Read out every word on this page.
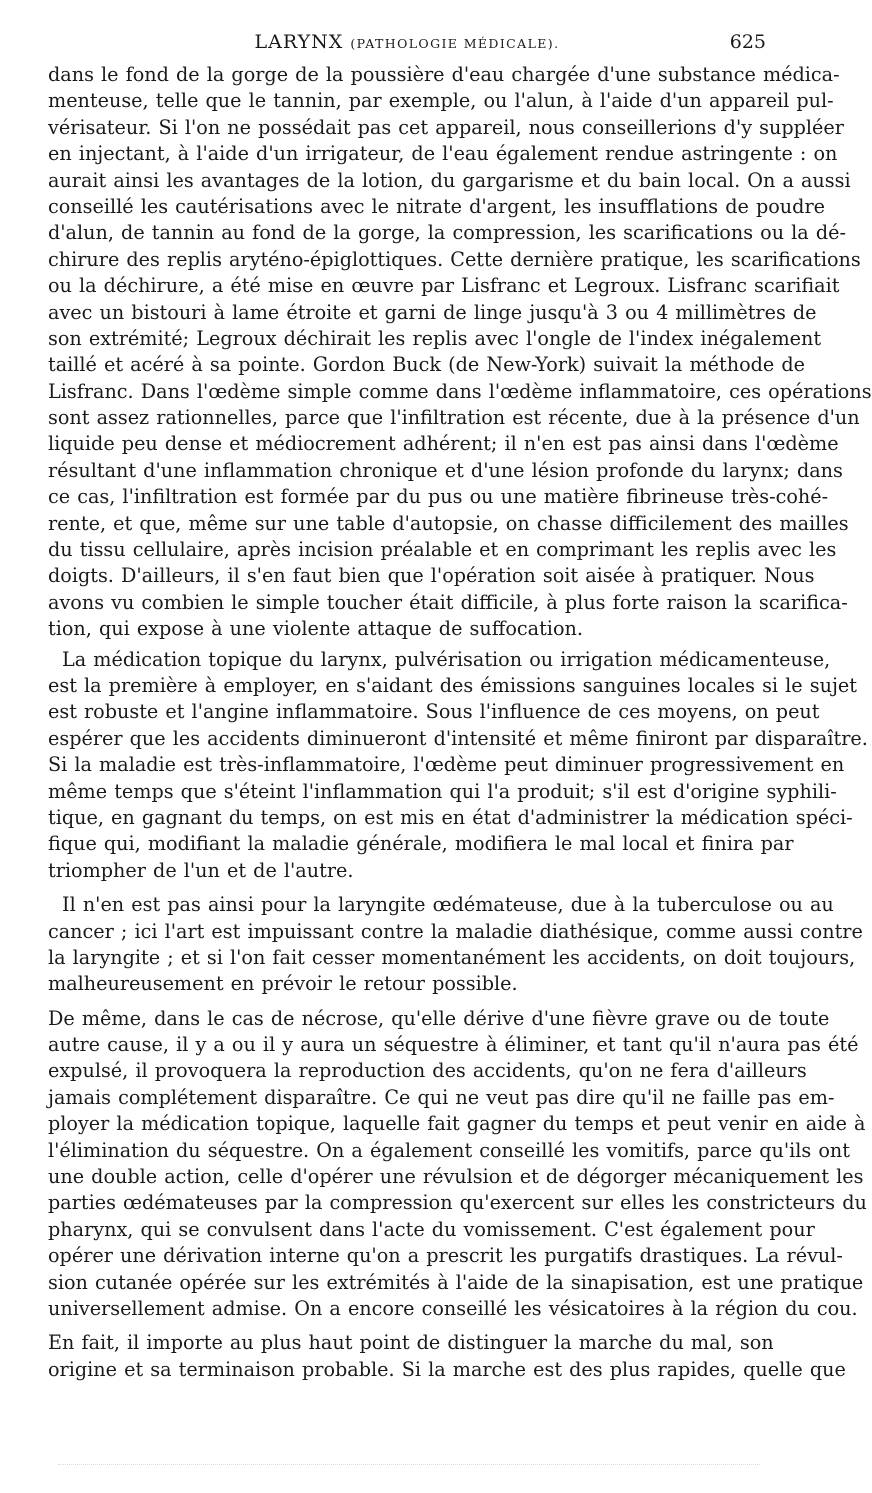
LARYNX (PATHOLOGIE MÉDICALE).	625
dans le fond de la gorge de la poussière d'eau chargée d'une substance médica-
menteuse, telle que le tannin, par exemple, ou l'alun, à l'aide d'un appareil pul-
vérisateur. Si l'on ne possédait pas cet appareil, nous conseillerions d'y suppléer
en injectant, à l'aide d'un irrigateur, de l'eau également rendue astringente : on
aurait ainsi les avantages de la lotion, du gargarisme et du bain local. On a aussi
conseillé les cautérisations avec le nitrate d'argent, les insufflations de poudre
d'alun, de tannin au fond de la gorge, la compression, les scarifications ou la dé-
chirure des replis aryténo-épiglottiques. Cette dernière pratique, les scarifications
ou la déchirure, a été mise en œuvre par Lisfranc et Legroux. Lisfranc scarifiait
avec un bistouri à lame étroite et garni de linge jusqu'à 3 ou 4 millimètres de
son extrémité; Legroux déchirait les replis avec l'ongle de l'index inégalement
taillé et acéré à sa pointe. Gordon Buck (de New-York) suivait la méthode de
Lisfranc. Dans l'œdème simple comme dans l'œdème inflammatoire, ces opérations
sont assez rationnelles, parce que l'infiltration est récente, due à la présence d'un
liquide peu dense et médiocrement adhérent; il n'en est pas ainsi dans l'œdème
résultant d'une inflammation chronique et d'une lésion profonde du larynx; dans
ce cas, l'infiltration est formée par du pus ou une matière fibrineuse très-cohé-
rente, et que, même sur une table d'autopsie, on chasse difficilement des mailles
du tissu cellulaire, après incision préalable et en comprimant les replis avec les
doigts. D'ailleurs, il s'en faut bien que l'opération soit aisée à pratiquer. Nous
avons vu combien le simple toucher était difficile, à plus forte raison la scarifica-
tion, qui expose à une violente attaque de suffocation.
La médication topique du larynx, pulvérisation ou irrigation médicamenteuse,
est la première à employer, en s'aidant des émissions sanguines locales si le sujet
est robuste et l'angine inflammatoire. Sous l'influence de ces moyens, on peut
espérer que les accidents diminueront d'intensité et même finiront par disparaître.
Si la maladie est très-inflammatoire, l'œdème peut diminuer progressivement en
même temps que s'éteint l'inflammation qui l'a produit; s'il est d'origine syphili-
tique, en gagnant du temps, on est mis en état d'administrer la médication spéci-
fique qui, modifiant la maladie générale, modifiera le mal local et finira par
triompher de l'un et de l'autre.
Il n'en est pas ainsi pour la laryngite œdémateuse, due à la tuberculose ou au
cancer ; ici l'art est impuissant contre la maladie diathésique, comme aussi contre
la laryngite ; et si l'on fait cesser momentanément les accidents, on doit toujours,
malheureusement en prévoir le retour possible.
De même, dans le cas de nécrose, qu'elle dérive d'une fièvre grave ou de toute
autre cause, il y a ou il y aura un séquestre à éliminer, et tant qu'il n'aura pas été
expulsé, il provoquera la reproduction des accidents, qu'on ne fera d'ailleurs
jamais complétement disparaître. Ce qui ne veut pas dire qu'il ne faille pas em-
ployer la médication topique, laquelle fait gagner du temps et peut venir en aide à
l'élimination du séquestre. On a également conseillé les vomitifs, parce qu'ils ont
une double action, celle d'opérer une révulsion et de dégorger mécaniquement les
parties œdémateuses par la compression qu'exercent sur elles les constricteurs du
pharynx, qui se convulsent dans l'acte du vomissement. C'est également pour
opérer une dérivation interne qu'on a prescrit les purgatifs drastiques. La révul-
sion cutanée opérée sur les extrémités à l'aide de la sinapisation, est une pratique
universellement admise. On a encore conseillé les vésicatoires à la région du cou.
En fait, il importe au plus haut point de distinguer la marche du mal, son
origine et sa terminaison probable. Si la marche est des plus rapides, quelle que
